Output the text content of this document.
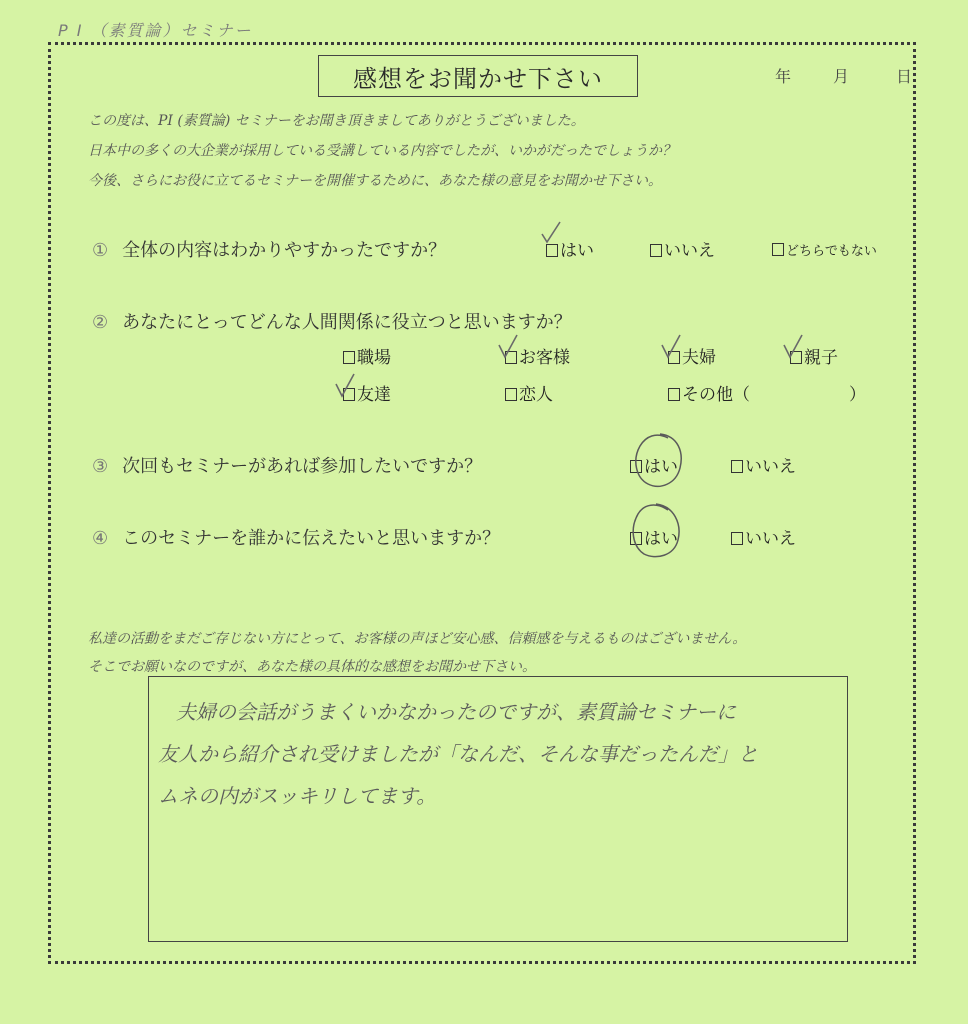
P I （素質論）セミナー
感想をお聞かせ下さい	年	月	日
この度は、PI (素質論) セミナーをお聞き頂きましてありがとうございました。
日本中の多くの大企業が採用している受講している内容でしたが、いかがだったでしょうか？
今後、さらにお役に立てるセミナーを開催するために、あなた様の意見をお聞かせ下さい。
① 全体の内容はわかりやすかったですか？	はい	いいえ	どちらでもない
② あなたにとってどんな人間関係に役立つと思いますか？
職場	お客様	夫婦	親子
友達	恋人	その他（	）
③ 次回もセミナーがあれば参加したいですか？	はい	いいえ
④ このセミナーを誰かに伝えたいと思いますか？	はい	いいえ
私達の活動をまだご存じない方にとって、お客様の声ほど安心感、信頼感を与えるものはございません。
そこでお願いなのですが、あなた様の具体的な感想をお聞かせ下さい。
夫婦の会話がうまくいかなかったのですが、素質論セミナーに
友人から紹介され受けましたが「なんだ、そんな事だったんだ」と
ムネの内がスッキリしてます。
